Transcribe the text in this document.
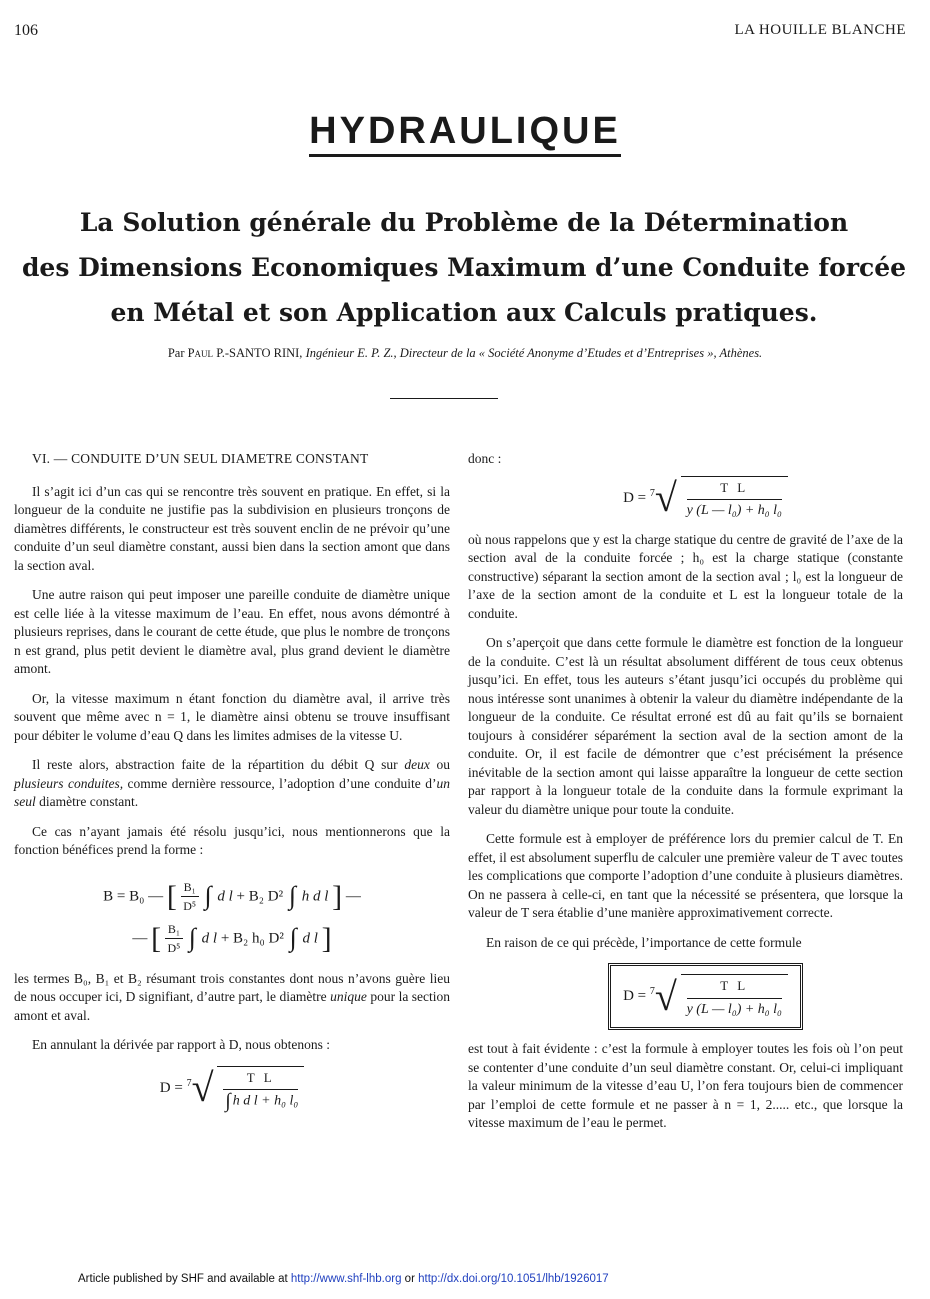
106	LA HOUILLE BLANCHE
HYDRAULIQUE
La Solution générale du Problème de la Détermination
des Dimensions Economiques Maximum d’une Conduite forcée
en Métal et son Application aux Calculs pratiques.
Par Paul P.-SANTO RINI, Ingénieur E. P. Z., Directeur de la « Société Anonyme d’Etudes et d’Entreprises », Athènes.

VI. — CONDUITE D’UN SEUL DIAMETRE CONSTANT

Il s’agit ici d’un cas qui se rencontre très souvent en pratique. En effet, si la longueur de la conduite ne justifie pas la subdivision en plusieurs tronçons de diamètres différents, le constructeur est très souvent enclin de ne prévoir qu’une conduite d’un seul diamètre constant, aussi bien dans la section amont que dans la section aval.

Une autre raison qui peut imposer une pareille conduite de diamètre unique est celle liée à la vitesse maximum de l’eau. En effet, nous avons démontré à plusieurs reprises, dans le courant de cette étude, que plus le nombre de tronçons n est grand, plus petit devient le diamètre aval, plus grand devient le diamètre amont.

Or, la vitesse maximum n étant fonction du diamètre aval, il arrive très souvent que même avec n = 1, le diamètre ainsi obtenu se trouve insuffisant pour débiter le volume d’eau Q dans les limites admises de la vitesse U.

Il reste alors, abstraction faite de la répartition du débit Q sur deux ou plusieurs conduites, comme dernière ressource, l’adoption d’une conduite d’un seul diamètre constant.

Ce cas n’ayant jamais été résolu jusqu’ici, nous mentionnerons que la fonction bénéfices prend la forme :

B = B₀ — [ $\frac{\text{B₁}}{\text{D⁵}}$ ∫ d l + B₂ D² ∫ h d l ] —
— [ $\frac{\text{B₁}}{\text{D⁵}}$ ∫ d l + B₂ h₀ D² ∫ d l ]

les termes B₀, B₁ et B₂ résumant trois constantes dont nous n’avons guère lieu de nous occuper ici, D signifiant, d’autre part, le diamètre unique pour la section amont et aval.

En annulant la dérivée par rapport à D, nous obtenons :

$D = ^7√ \frac{\text{T L}}{\text{∫ h d l + h₀ l₀}}$

donc :

$D = ^7√ \frac{\text{T L}}{\text{y (L — l₀) + h₀ l₀}}$

où nous rappelons que y est la charge statique du centre de gravité de l’axe de la section aval de la conduite forcée ; h₀ est la charge statique (constante constructive) séparant la section amont de la section aval ; l₀ est la longueur de l’axe de la section amont de la conduite et L est la longueur totale de la conduite.

On s’aperçoit que dans cette formule le diamètre est fonction de la longueur de la conduite. C’est là un résultat absolument différent de tous ceux obtenus jusqu’ici. En effet, tous les auteurs s’étant jusqu’ici occupés du problème qui nous intéresse sont unanimes à obtenir la valeur du diamètre indépendante de la longueur de la conduite. Ce résultat erroné est dû au fait qu’ils se bornaient toujours à considérer séparément la section aval de la section amont de la conduite. Or, il est facile de démontrer que c’est précisément la présence inévitable de la section amont qui laisse apparaître la longueur de cette section par rapport à la longueur totale de la conduite dans la formule exprimant la valeur du diamètre unique pour toute la conduite.

Cette formule est à employer de préférence lors du premier calcul de T. En effet, il est absolument superflu de calculer une première valeur de T avec toutes les complications que comporte l’adoption d’une conduite à plusieurs diamètres. On ne passera à celle-ci, en tant que la nécessité se présentera, que lorsque la valeur de T sera établie d’une manière approximativement correcte.

En raison de ce qui précède, l’importance de cette formule

$D = ^7√ \frac{\text{T L}}{\text{y (L — l₀) + h₀ l₀}}$

est tout à fait évidente : c’est la formule à employer toutes les fois où l’on peut se contenter d’une conduite d’un seul diamètre constant. Or, celui-ci impliquant la valeur minimum de la vitesse d’eau U, l’on fera toujours bien de commencer par l’emploi de cette formule et ne passer à n = 1, 2..... etc., que lorsque la vitesse maximum de l’eau le permet.

Article published by SHF and available at http://www.shf-lhb.org or http://dx.doi.org/10.1051/lhb/1926017
